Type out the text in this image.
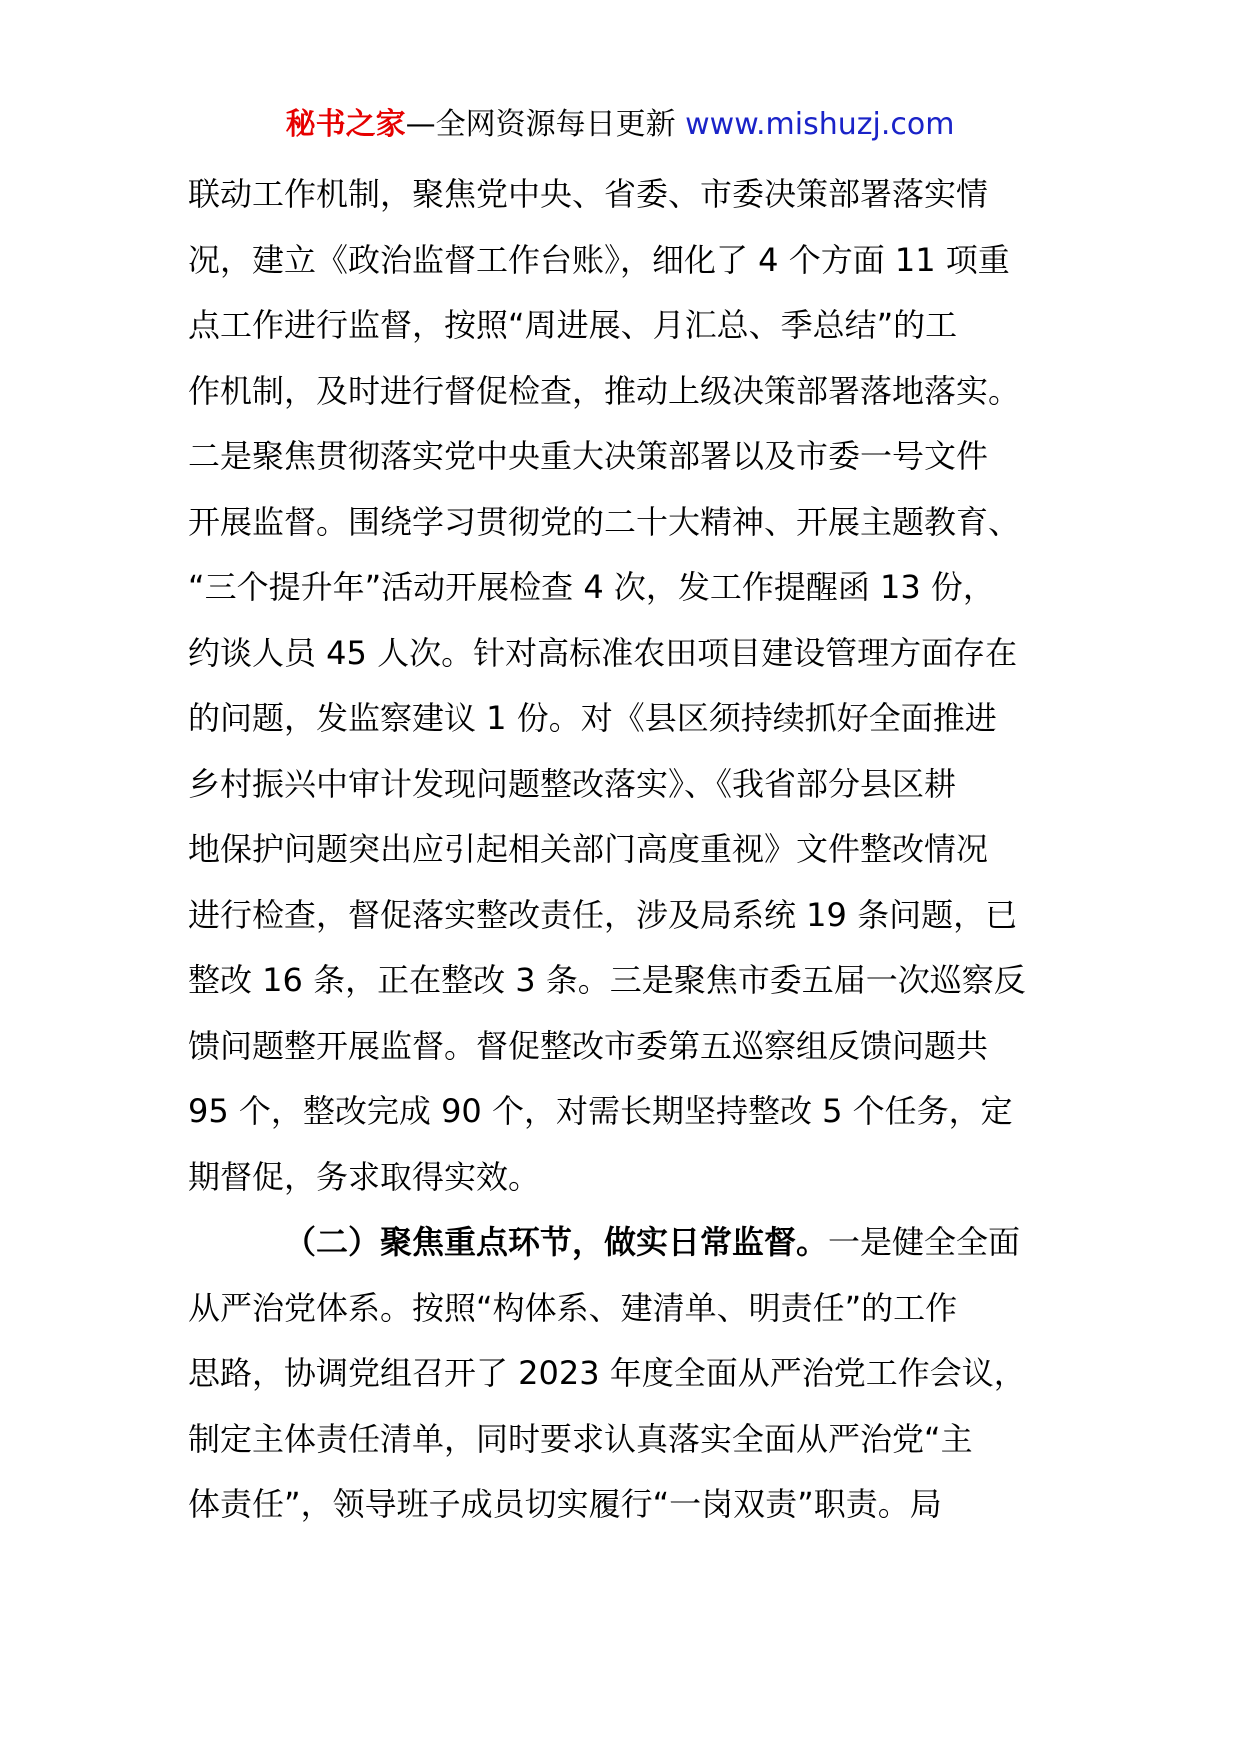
秘书之家—全网资源每日更新 www.mishuzj.com
联动工作机制，聚焦党中央、省委、市委决策部署落实情
况，建立《政治监督工作台账》，细化了 4 个方面 11 项重
点工作进行监督，按照“周进展、月汇总、季总结”的工
作机制，及时进行督促检查，推动上级决策部署落地落实。
二是聚焦贯彻落实党中央重大决策部署以及市委一号文件
开展监督。围绕学习贯彻党的二十大精神、开展主题教育、
“三个提升年”活动开展检查 4 次，发工作提醒函 13 份，
约谈人员 45 人次。针对高标准农田项目建设管理方面存在
的问题，发监察建议 1 份。对《县区须持续抓好全面推进
乡村振兴中审计发现问题整改落实》、《我省部分县区耕
地保护问题突出应引起相关部门高度重视》文件整改情况
进行检查，督促落实整改责任，涉及局系统 19 条问题，已
整改 16 条，正在整改 3 条。三是聚焦市委五届一次巡察反
馈问题整开展监督。督促整改市委第五巡察组反馈问题共
95 个，整改完成 90 个，对需长期坚持整改 5 个任务，定
期督促，务求取得实效。
（二）聚焦重点环节，做实日常监督。一是健全全面
从严治党体系。按照“构体系、建清单、明责任”的工作
思路，协调党组召开了 2023 年度全面从严治党工作会议，
制定主体责任清单，同时要求认真落实全面从严治党“主
体责任”，领导班子成员切实履行“一岗双责”职责。局
